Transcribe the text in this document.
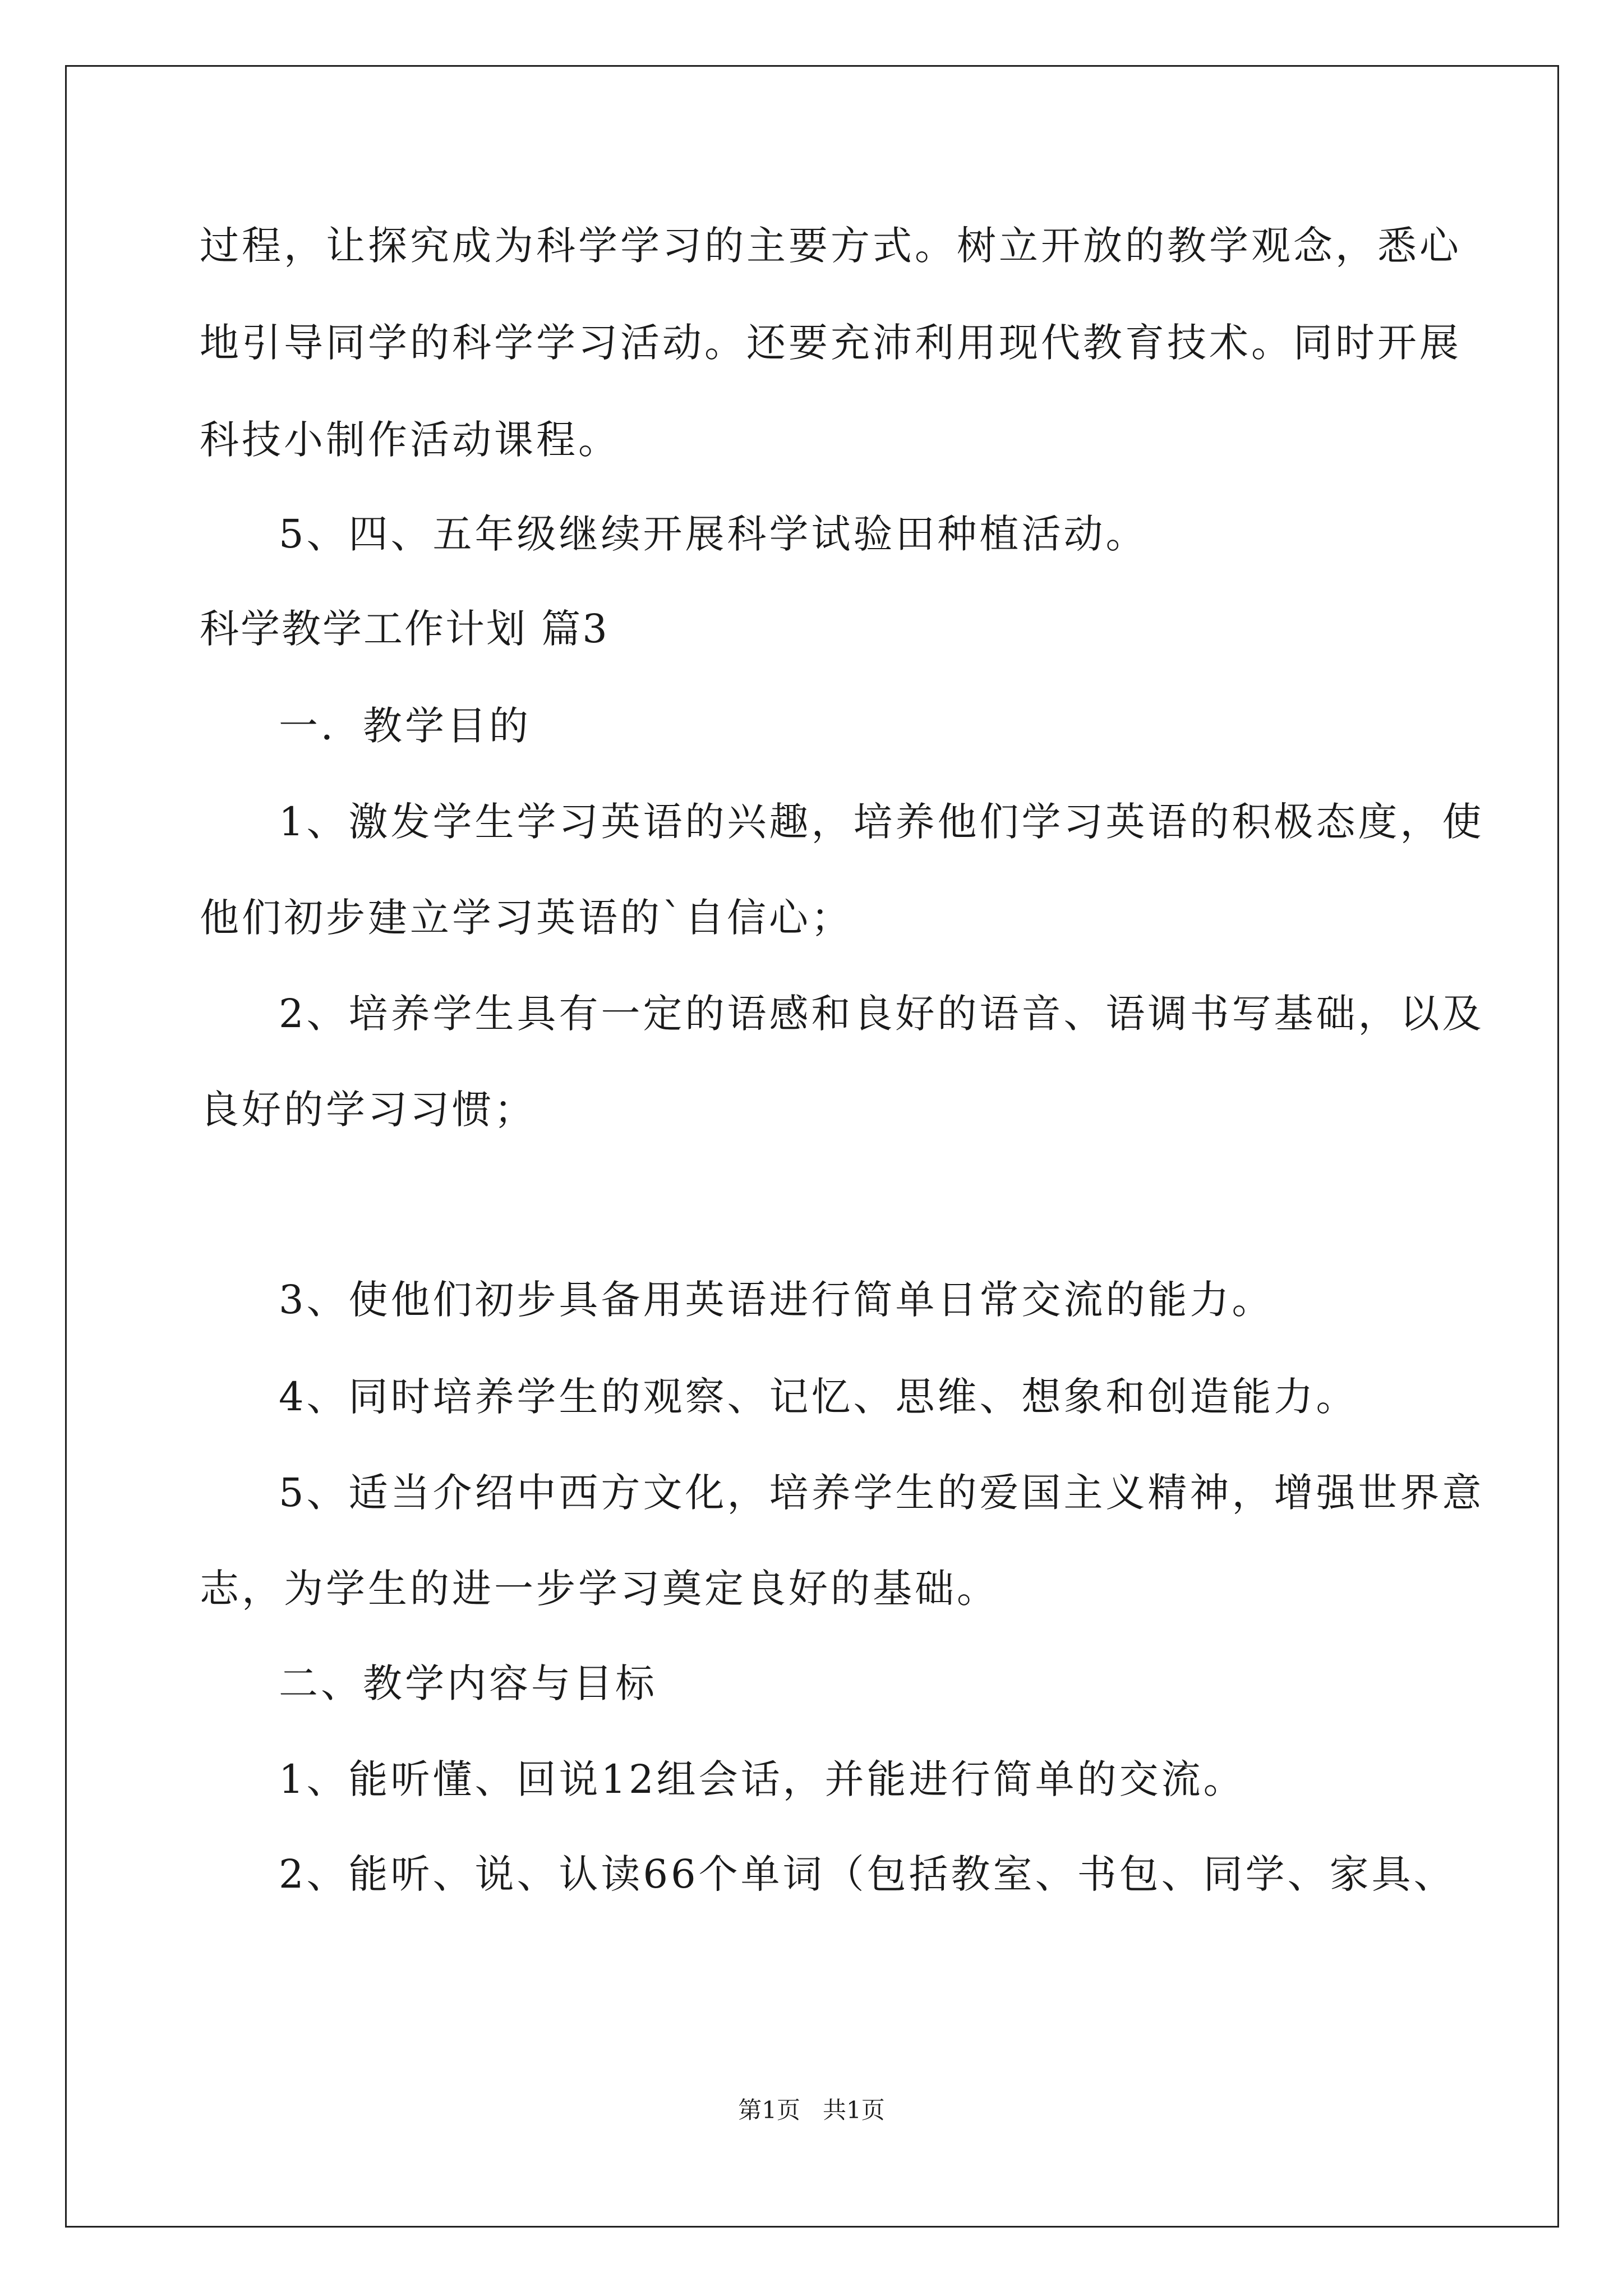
过程，让探究成为科学学习的主要方式。树立开放的教学观念，悉心
地引导同学的科学学习活动。还要充沛利用现代教育技术。同时开展
科技小制作活动课程。
5、四、五年级继续开展科学试验田种植活动。
科学教学工作计划 篇3
一．教学目的
1、激发学生学习英语的兴趣，培养他们学习英语的积极态度，使
他们初步建立学习英语的`自信心；
2、培养学生具有一定的语感和良好的语音、语调书写基础，以及
良好的学习习惯；
3、使他们初步具备用英语进行简单日常交流的能力。
4、同时培养学生的观察、记忆、思维、想象和创造能力。
5、适当介绍中西方文化，培养学生的爱国主义精神，增强世界意
志，为学生的进一步学习奠定良好的基础。
二、教学内容与目标
1、能听懂、回说12组会话，并能进行简单的交流。
2、能听、说、认读66个单词（包括教室、书包、同学、家具、
第1页   共1页
